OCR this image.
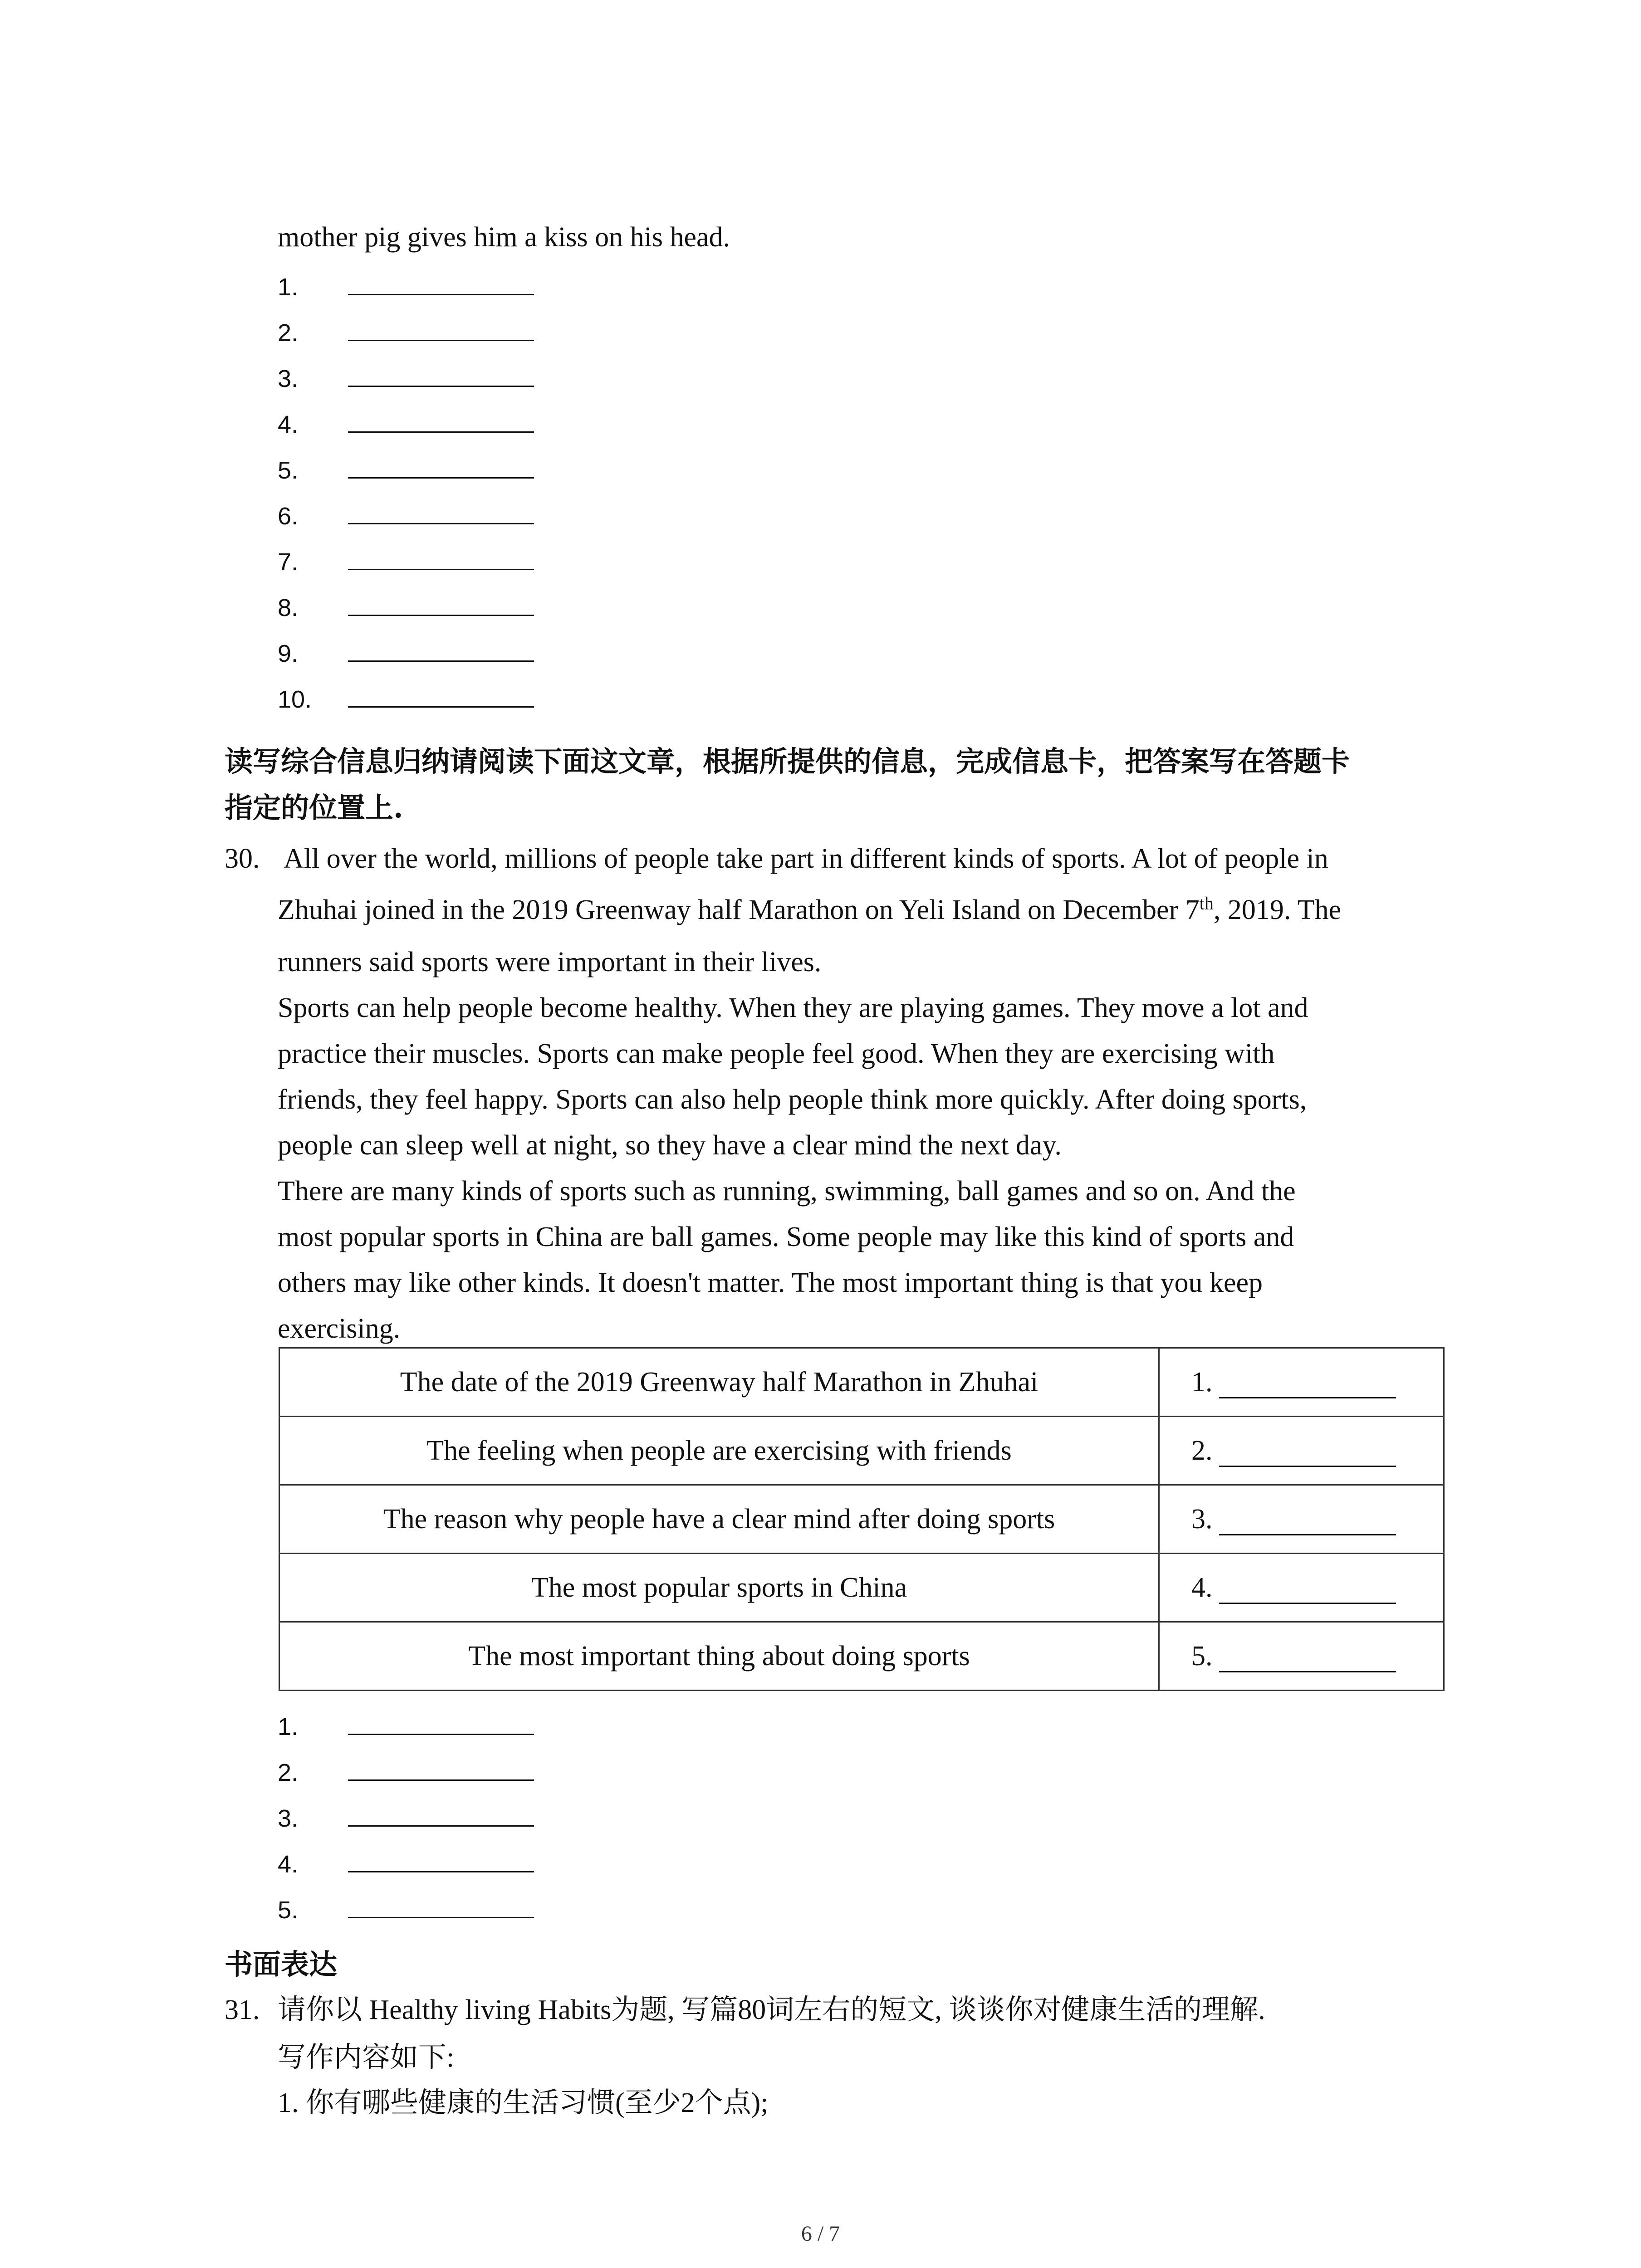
mother pig gives him a kiss on his head.
1.
2.
3.
4.
5.
6.
7.
8.
9.
10.
读写综合信息归纳请阅读下面这文章，根据所提供的信息，完成信息卡，把答案写在答题卡
指定的位置上.
30. All over the world, millions of people take part in different kinds of sports. A lot of people in
Zhuhai joined in the 2019 Greenway half Marathon on Yeli Island on December 7th, 2019. The
runners said sports were important in their lives.
Sports can help people become healthy. When they are playing games. They move a lot and
practice their muscles. Sports can make people feel good. When they are exercising with
friends, they feel happy. Sports can also help people think more quickly. After doing sports,
people can sleep well at night, so they have a clear mind the next day.
There are many kinds of sports such as running, swimming, ball games and so on. And the
most popular sports in China are ball games. Some people may like this kind of sports and
others may like other kinds. It doesn't matter. The most important thing is that you keep
exercising.
The date of the 2019 Greenway half Marathon in Zhuhai	1.
The feeling when people are exercising with friends	2.
The reason why people have a clear mind after doing sports	3.
The most popular sports in China	4.
The most important thing about doing sports	5.
1.
2.
3.
4.
5.
书面表达
31. 请你以 Healthy living Habits为题, 写篇80词左右的短文, 谈谈你对健康生活的理解.
写作内容如下:
1. 你有哪些健康的生活习惯(至少2个点);
6 / 7
